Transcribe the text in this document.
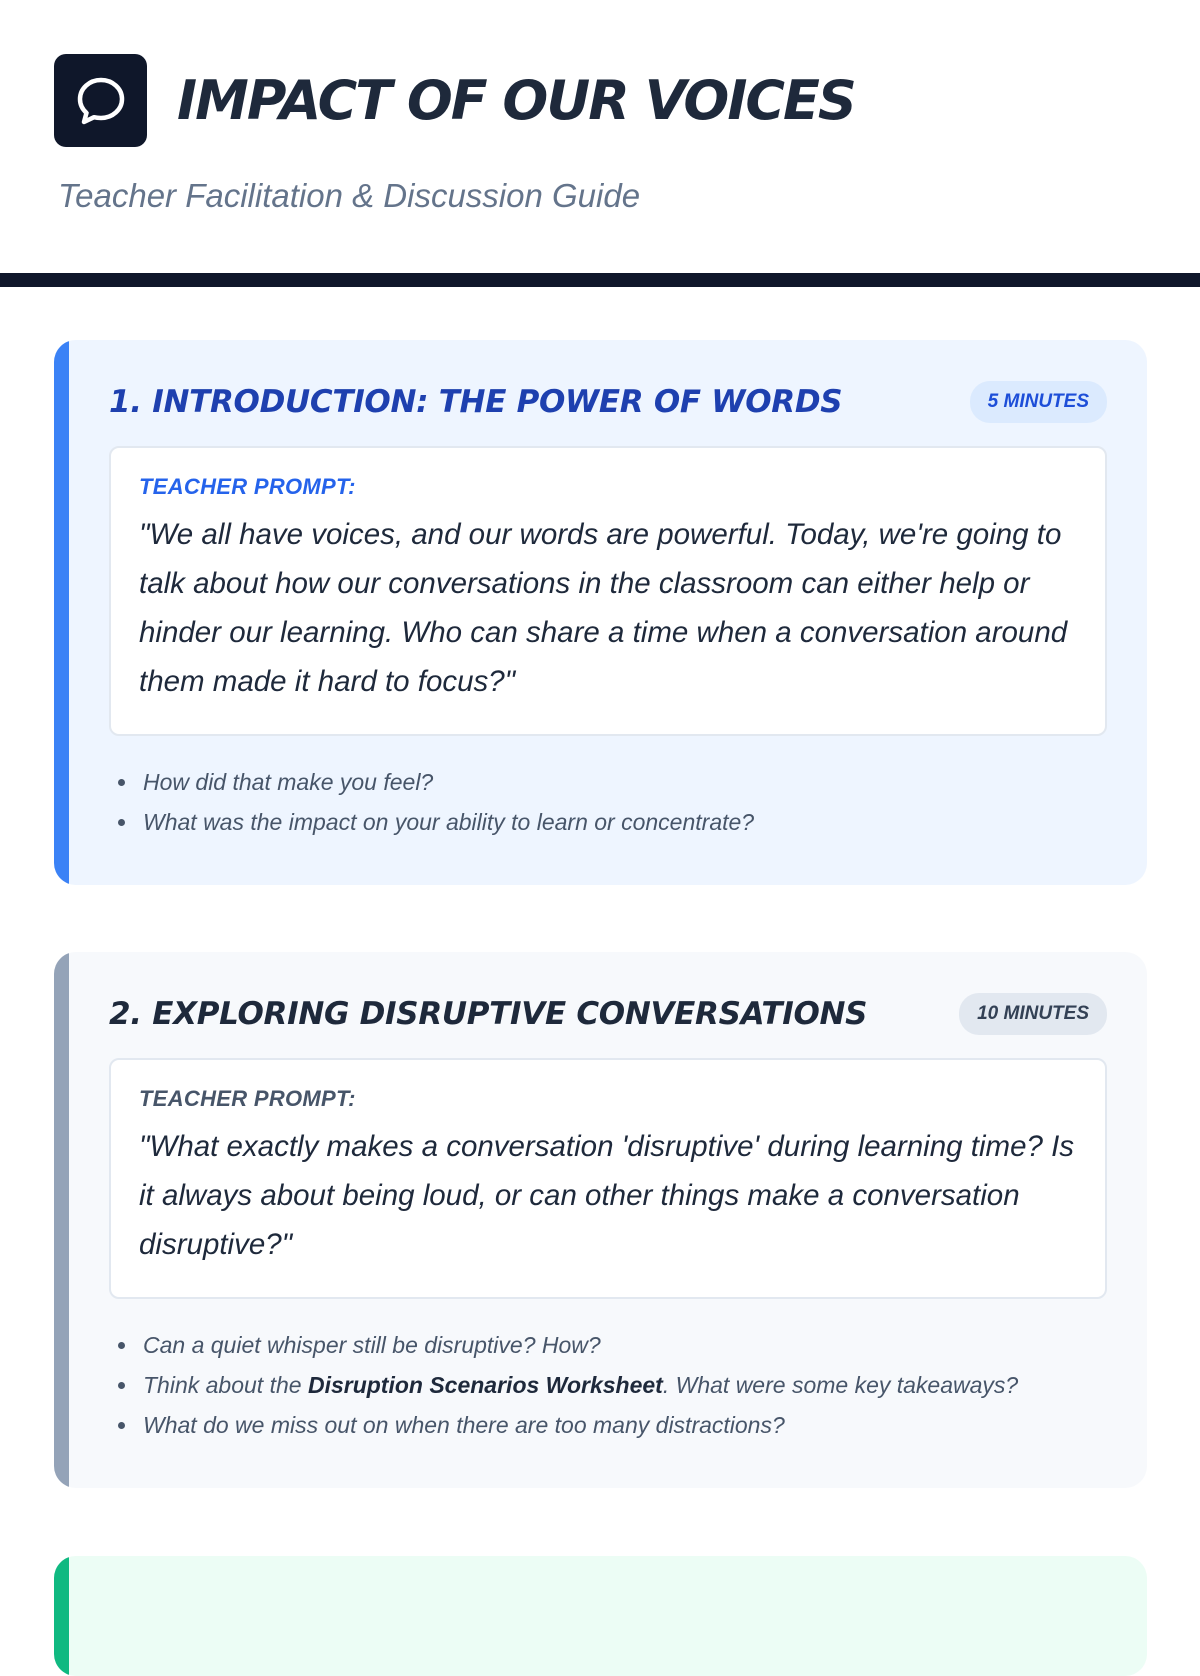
IMPACT OF OUR VOICES
Teacher Facilitation & Discussion Guide
1. INTRODUCTION: THE POWER OF WORDS	5 MINUTES
TEACHER PROMPT:
"We all have voices, and our words are powerful. Today, we're going to talk about how our conversations in the classroom can either help or hinder our learning. Who can share a time when a conversation around them made it hard to focus?"
• How did that make you feel?
• What was the impact on your ability to learn or concentrate?
2. EXPLORING DISRUPTIVE CONVERSATIONS	10 MINUTES
TEACHER PROMPT:
"What exactly makes a conversation 'disruptive' during learning time? Is it always about being loud, or can other things make a conversation disruptive?"
• Can a quiet whisper still be disruptive? How?
• Think about the Disruption Scenarios Worksheet. What were some key takeaways?
• What do we miss out on when there are too many distractions?
